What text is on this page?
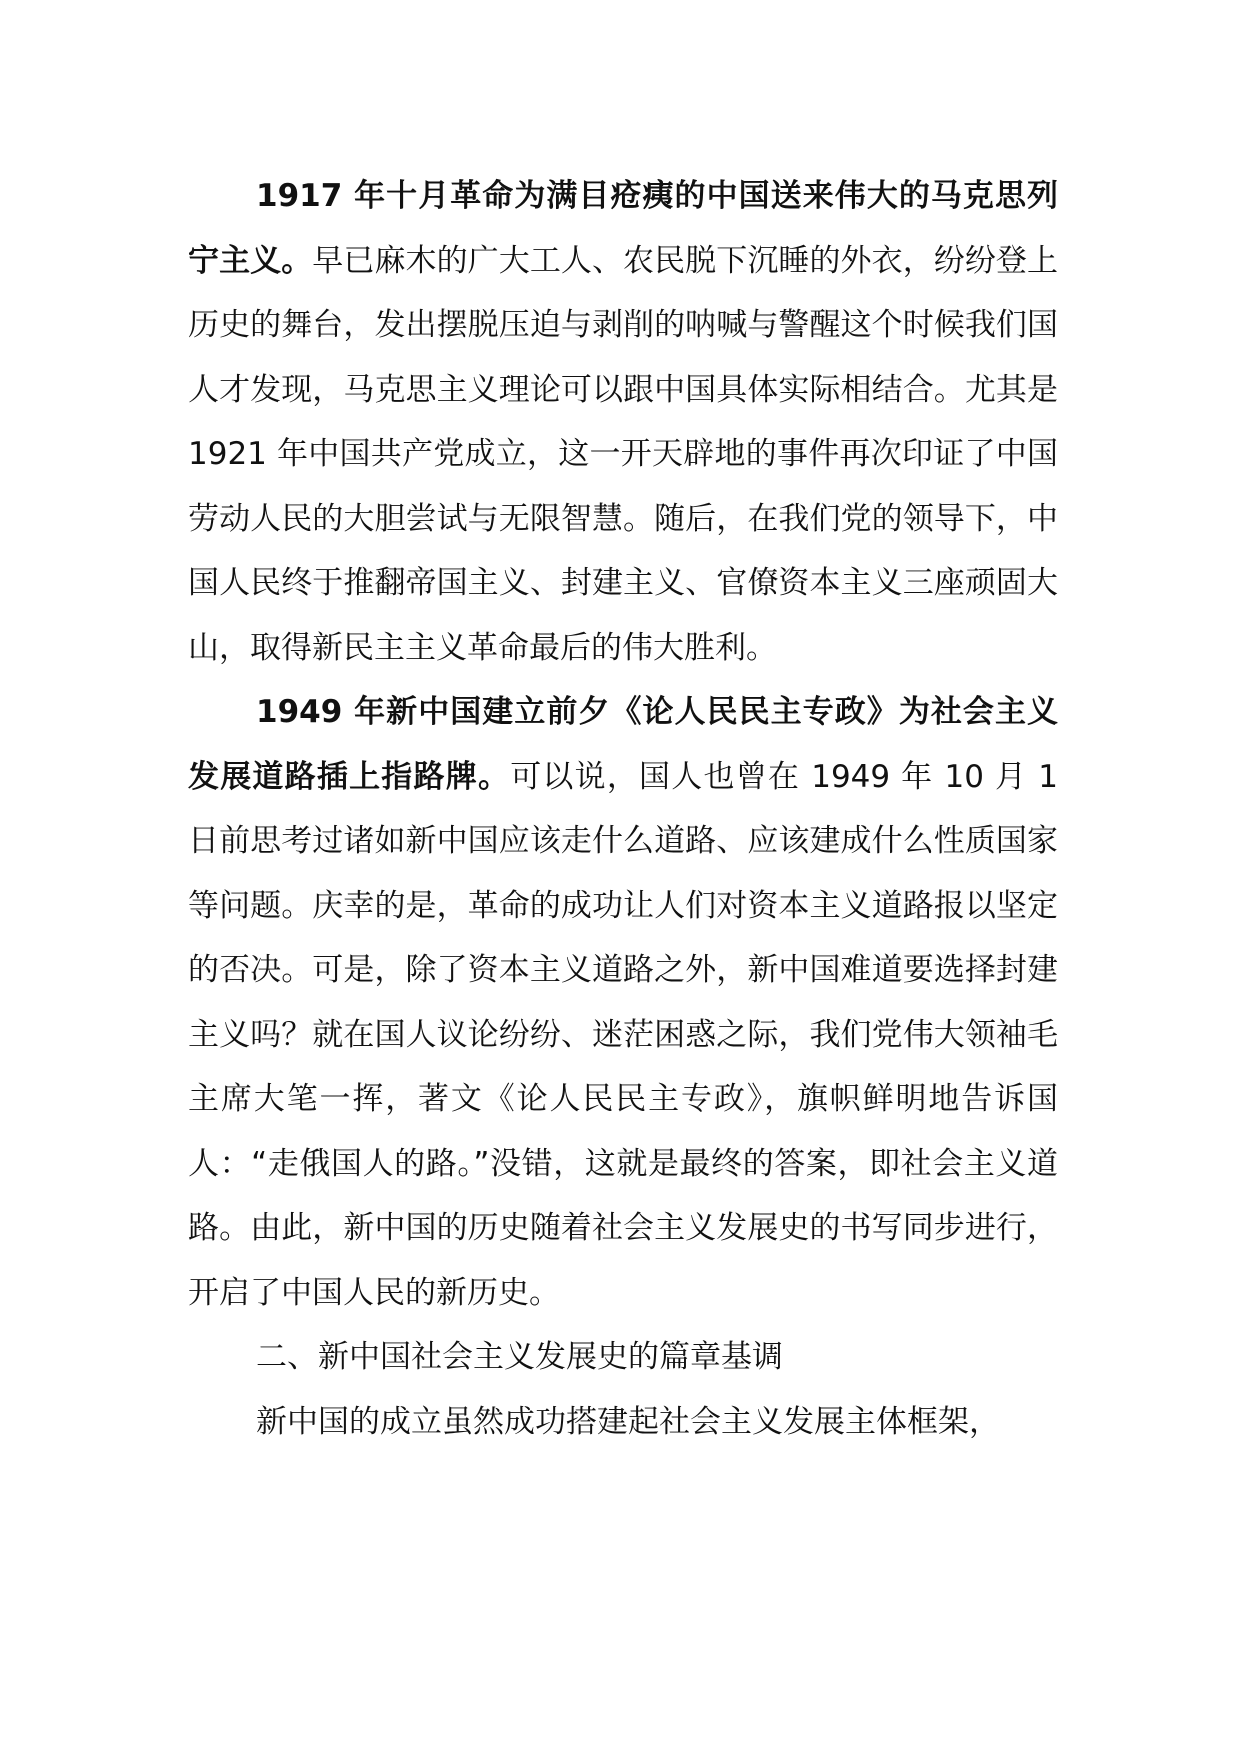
1917 年十月革命为满目疮痍的中国送来伟大的马克思列宁主义。早已麻木的广大工人、农民脱下沉睡的外衣，纷纷登上历史的舞台，发出摆脱压迫与剥削的呐喊与警醒这个时候我们国人才发现，马克思主义理论可以跟中国具体实际相结合。尤其是 1921 年中国共产党成立，这一开天辟地的事件再次印证了中国劳动人民的大胆尝试与无限智慧。随后，在我们党的领导下，中国人民终于推翻帝国主义、封建主义、官僚资本主义三座顽固大山，取得新民主主义革命最后的伟大胜利。

1949 年新中国建立前夕《论人民民主专政》为社会主义发展道路插上指路牌。可以说，国人也曾在 1949 年 10 月 1 日前思考过诸如新中国应该走什么道路、应该建成什么性质国家等问题。庆幸的是，革命的成功让人们对资本主义道路报以坚定的否决。可是，除了资本主义道路之外，新中国难道要选择封建主义吗？就在国人议论纷纷、迷茫困惑之际，我们党伟大领袖毛主席大笔一挥，著文《论人民民主专政》，旗帜鲜明地告诉国人：“走俄国人的路。”没错，这就是最终的答案，即社会主义道路。由此，新中国的历史随着社会主义发展史的书写同步进行，开启了中国人民的新历史。

二、新中国社会主义发展史的篇章基调

新中国的成立虽然成功搭建起社会主义发展主体框架，
